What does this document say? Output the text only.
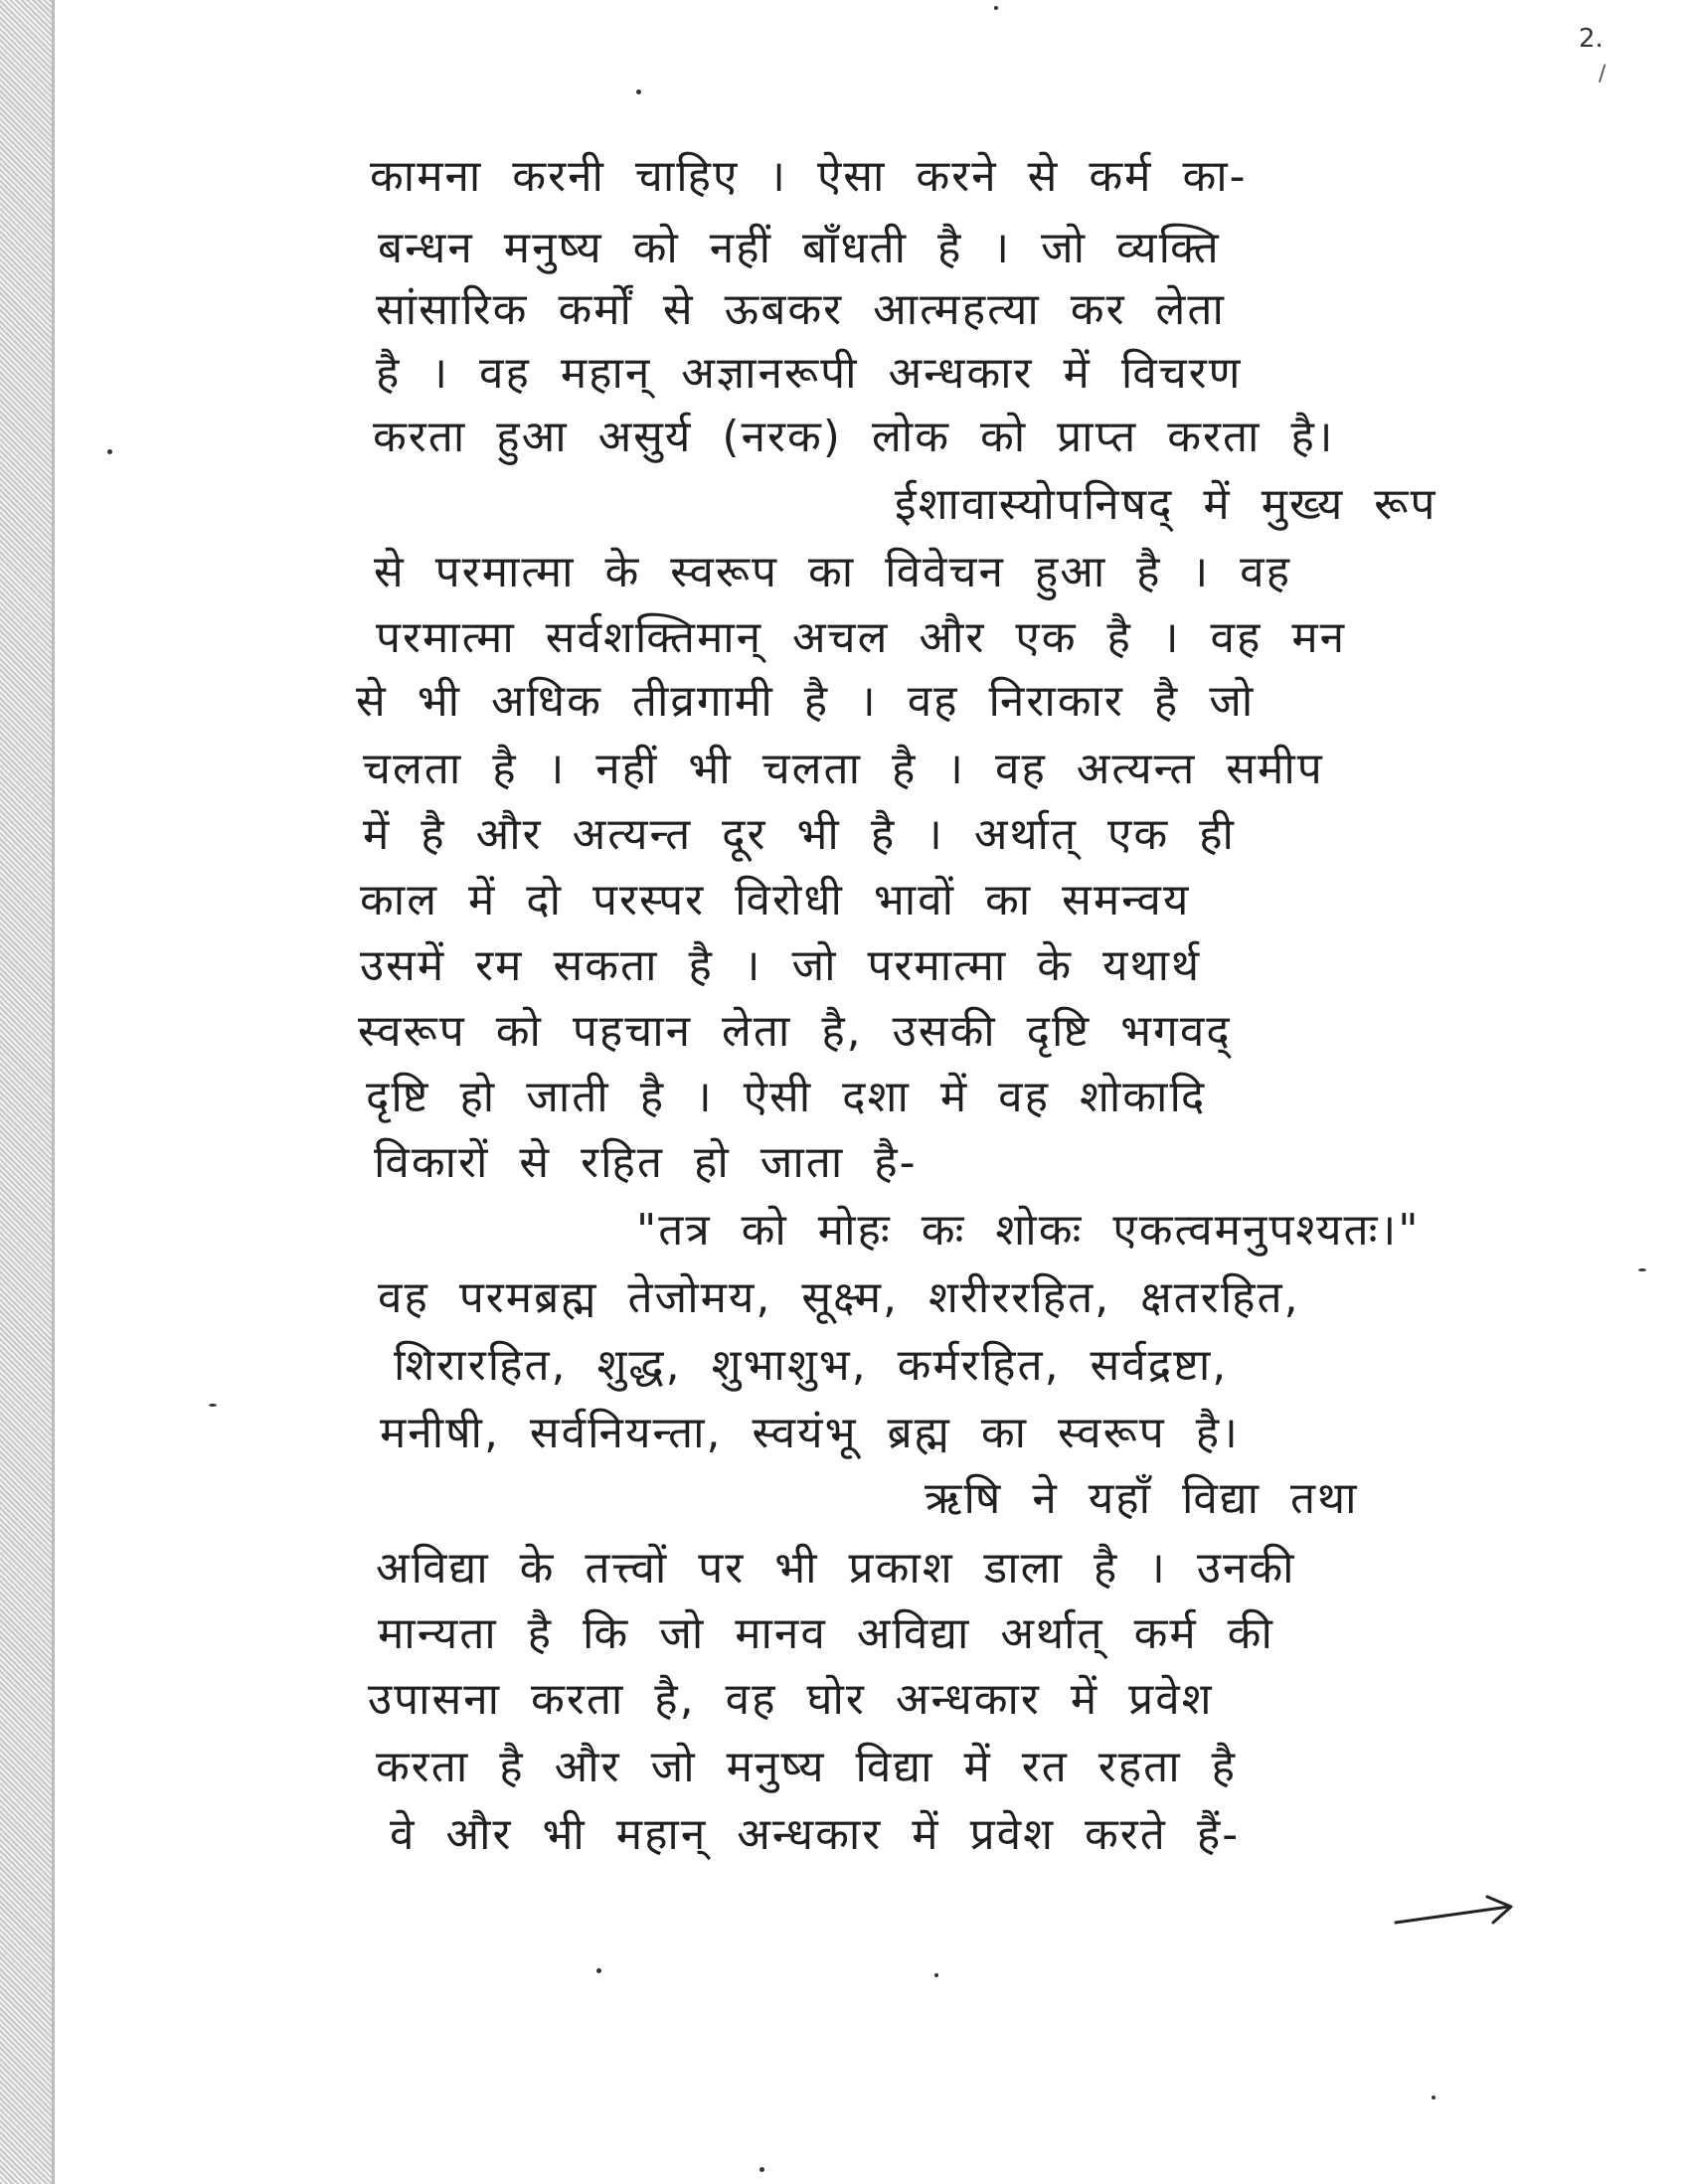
2.
/
कामना करनी चाहिए । ऐसा करने से कर्म का-
बन्धन मनुष्य को नहीं बाँधती है । जो व्यक्ति
सांसारिक कर्मों से ऊबकर आत्महत्या कर लेता
है । वह महान् अज्ञानरूपी अन्धकार में विचरण
करता हुआ असुर्य (नरक) लोक को प्राप्त करता है।
ईशावास्योपनिषद् में मुख्य रूप
से परमात्मा के स्वरूप का विवेचन हुआ है । वह
परमात्मा सर्वशक्तिमान् अचल और एक है । वह मन
से भी अधिक तीव्रगामी है । वह निराकार है जो
चलता है । नहीं भी चलता है । वह अत्यन्त समीप
में है और अत्यन्त दूर भी है । अर्थात् एक ही
काल में दो परस्पर विरोधी भावों का समन्वय
उसमें रम सकता है । जो परमात्मा के यथार्थ
स्वरूप को पहचान लेता है, उसकी दृष्टि भगवद्
दृष्टि हो जाती है । ऐसी दशा में वह शोकादि
विकारों से रहित हो जाता है-
"तत्र को मोहः कः शोकः एकत्वमनुपश्यतः।"
वह परमब्रह्म तेजोमय, सूक्ष्म, शरीररहित, क्षतरहित,
शिरारहित, शुद्ध, शुभाशुभ, कर्मरहित, सर्वद्रष्टा,
मनीषी, सर्वनियन्ता, स्वयंभू ब्रह्म का स्वरूप है।
ऋषि ने यहाँ विद्या तथा
अविद्या के तत्त्वों पर भी प्रकाश डाला है । उनकी
मान्यता है कि जो मानव अविद्या अर्थात् कर्म की
उपासना करता है, वह घोर अन्धकार में प्रवेश
करता है और जो मनुष्य विद्या में रत रहता है
वे और भी महान् अन्धकार में प्रवेश करते हैं-
